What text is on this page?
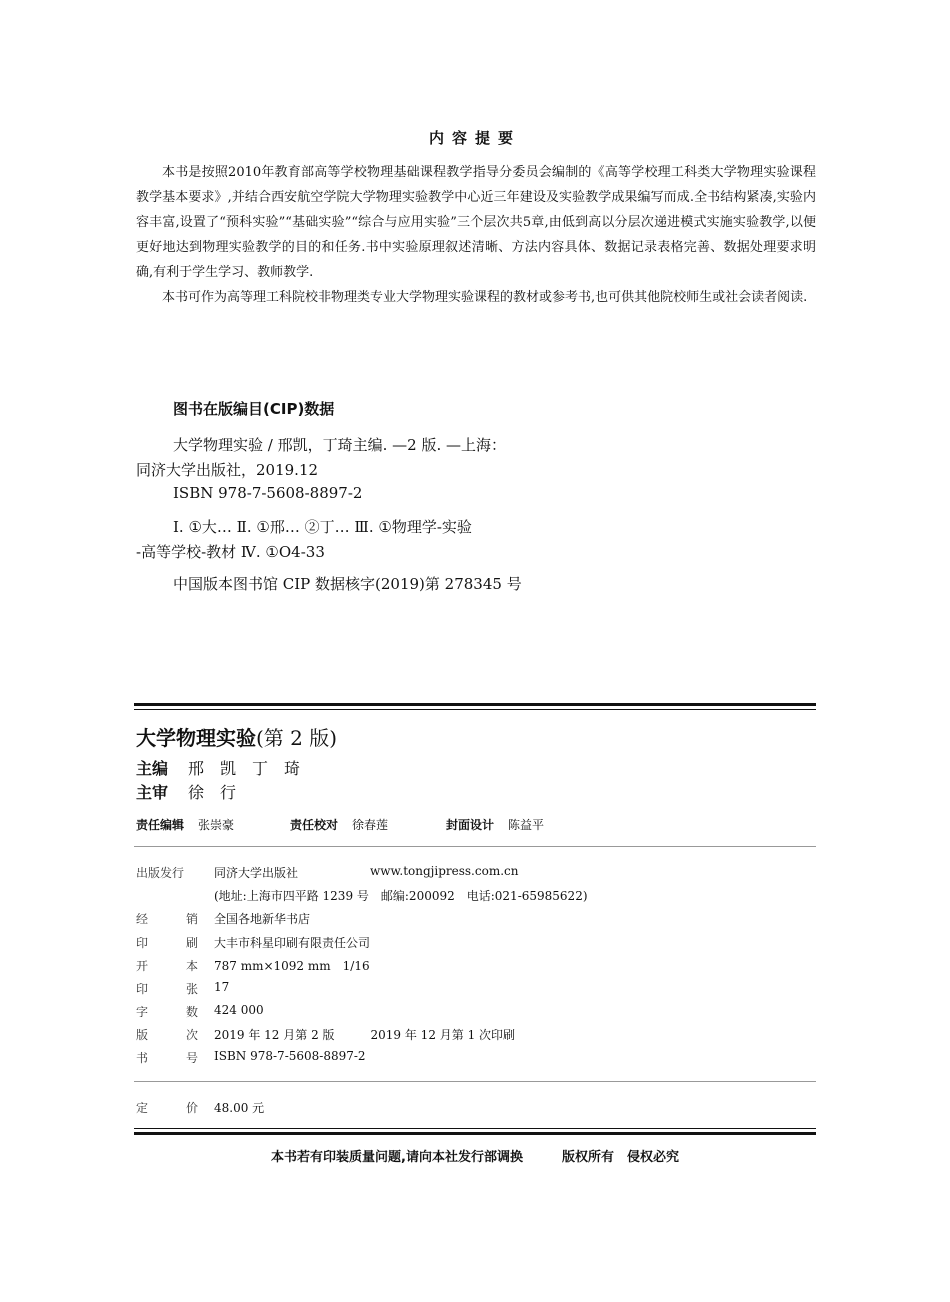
内容提要
本书是按照2010年教育部高等学校物理基础课程教学指导分委员会编制的《高等学校理工科类大学物理实验课程教学基本要求》,并结合西安航空学院大学物理实验教学中心近三年建设及实验教学成果编写而成.全书结构紧凑,实验内容丰富,设置了“预科实验”“基础实验”“综合与应用实验”三个层次共5章,由低到高以分层次递进模式实施实验教学,以便更好地达到物理实验教学的目的和任务.书中实验原理叙述清晰、方法内容具体、数据记录表格完善、数据处理要求明确,有利于学生学习、教师教学.
本书可作为高等理工科院校非物理类专业大学物理实验课程的教材或参考书,也可供其他院校师生或社会读者阅读.
图书在版编目(CIP)数据
大学物理实验 / 邢凯，丁琦主编. —2 版. —上海：
同济大学出版社，2019.12
ISBN 978-7-5608-8897-2
Ⅰ. ①大… Ⅱ. ①邢… ②丁… Ⅲ. ①物理学-实验
-高等学校-教材 Ⅳ. ①O4-33
中国版本图书馆 CIP 数据核字(2019)第 278345 号
大学物理实验(第 2 版)
主编 邢　凯　丁　琦
主审 徐　行
责任编辑 张崇豪	责任校对 徐春莲	封面设计 陈益平
出版发行	同济大学出版社	www.tongjipress.com.cn
(地址:上海市四平路 1239 号　邮编:200092　电话:021-65985622)
经	销 全国各地新华书店
印	刷 大丰市科星印刷有限责任公司
开	本 787 mm×1092 mm　1/16
印	张 17
字	数 424 000
版	次 2019 年 12 月第 2 版　　　2019 年 12 月第 1 次印刷
书	号 ISBN 978-7-5608-8897-2
定	价 48.00 元
本书若有印装质量问题,请向本社发行部调换　　　版权所有　侵权必究
